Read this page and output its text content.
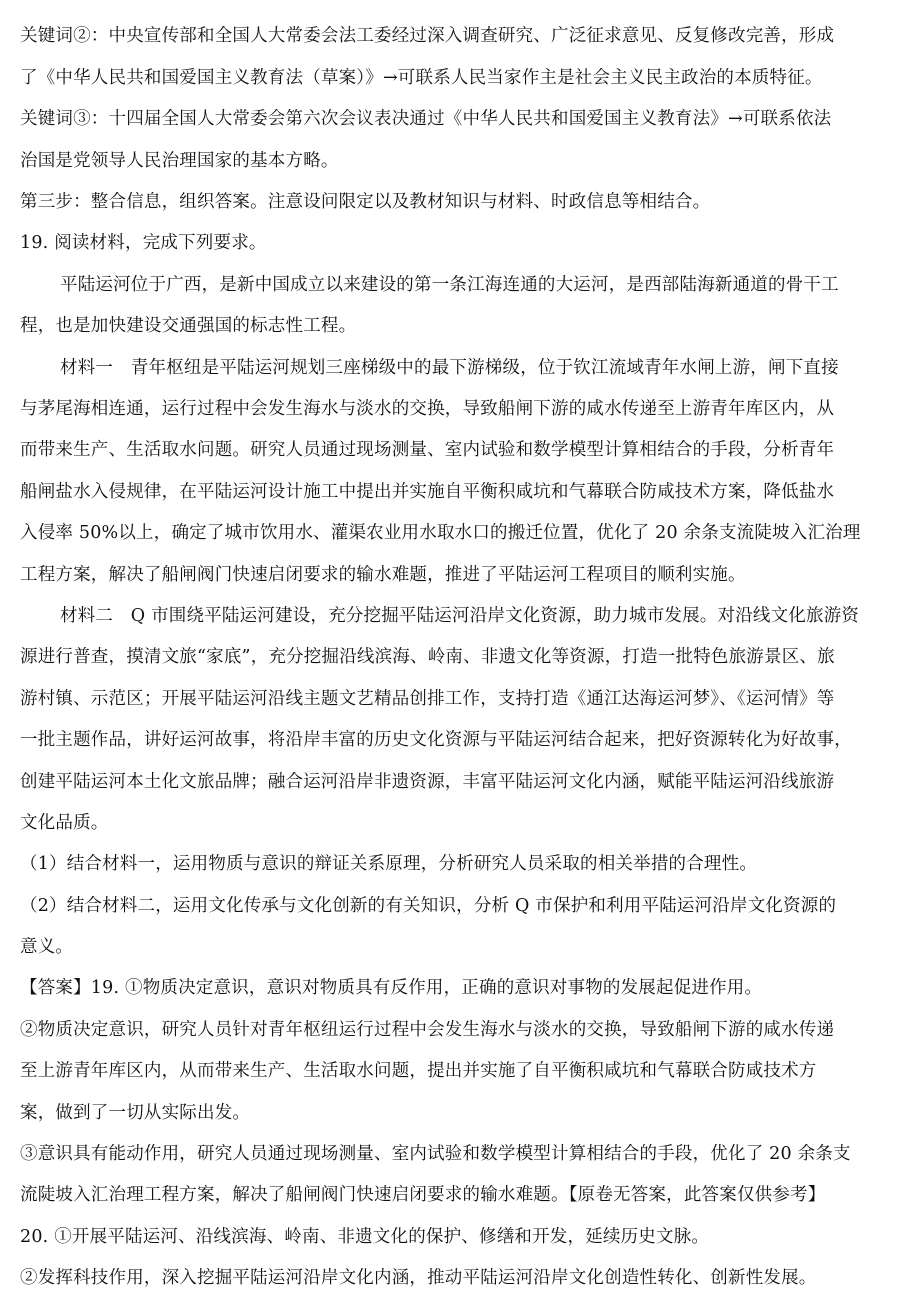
关键词②：中央宣传部和全国人大常委会法工委经过深入调查研究、广泛征求意见、反复修改完善，形成
了《中华人民共和国爱国主义教育法（草案）》→可联系人民当家作主是社会主义民主政治的本质特征。
关键词③：十四届全国人大常委会第六次会议表决通过《中华人民共和国爱国主义教育法》→可联系依法
治国是党领导人民治理国家的基本方略。
第三步：整合信息，组织答案。注意设问限定以及教材知识与材料、时政信息等相结合。
19. 阅读材料，完成下列要求。
平陆运河位于广西，是新中国成立以来建设的第一条江海连通的大运河，是西部陆海新通道的骨干工
程，也是加快建设交通强国的标志性工程。
材料一　青年枢纽是平陆运河规划三座梯级中的最下游梯级，位于钦江流域青年水闸上游，闸下直接
与茅尾海相连通，运行过程中会发生海水与淡水的交换，导致船闸下游的咸水传递至上游青年库区内，从
而带来生产、生活取水问题。研究人员通过现场测量、室内试验和数学模型计算相结合的手段，分析青年
船闸盐水入侵规律，在平陆运河设计施工中提出并实施自平衡积咸坑和气幕联合防咸技术方案，降低盐水
入侵率 50%以上，确定了城市饮用水、灌渠农业用水取水口的搬迁位置，优化了 20 余条支流陡坡入汇治理
工程方案，解决了船闸阀门快速启闭要求的输水难题，推进了平陆运河工程项目的顺利实施。
材料二　Q 市围绕平陆运河建设，充分挖掘平陆运河沿岸文化资源，助力城市发展。对沿线文化旅游资
源进行普查，摸清文旅“家底”，充分挖掘沿线滨海、岭南、非遗文化等资源，打造一批特色旅游景区、旅
游村镇、示范区；开展平陆运河沿线主题文艺精品创排工作，支持打造《通江达海运河梦》、《运河情》等
一批主题作品，讲好运河故事，将沿岸丰富的历史文化资源与平陆运河结合起来，把好资源转化为好故事，
创建平陆运河本土化文旅品牌；融合运河沿岸非遗资源，丰富平陆运河文化内涵，赋能平陆运河沿线旅游
文化品质。
（1）结合材料一，运用物质与意识的辩证关系原理，分析研究人员采取的相关举措的合理性。
（2）结合材料二，运用文化传承与文化创新的有关知识，分析 Q 市保护和利用平陆运河沿岸文化资源的
意义。
【答案】19. ①物质决定意识，意识对物质具有反作用，正确的意识对事物的发展起促进作用。
②物质决定意识，研究人员针对青年枢纽运行过程中会发生海水与淡水的交换，导致船闸下游的咸水传递
至上游青年库区内，从而带来生产、生活取水问题，提出并实施了自平衡积咸坑和气幕联合防咸技术方
案，做到了一切从实际出发。
③意识具有能动作用，研究人员通过现场测量、室内试验和数学模型计算相结合的手段，优化了 20 余条支
流陡坡入汇治理工程方案，解决了船闸阀门快速启闭要求的输水难题。【原卷无答案，此答案仅供参考】
20. ①开展平陆运河、沿线滨海、岭南、非遗文化的保护、修缮和开发，延续历史文脉。
②发挥科技作用，深入挖掘平陆运河沿岸文化内涵，推动平陆运河沿岸文化创造性转化、创新性发展。
